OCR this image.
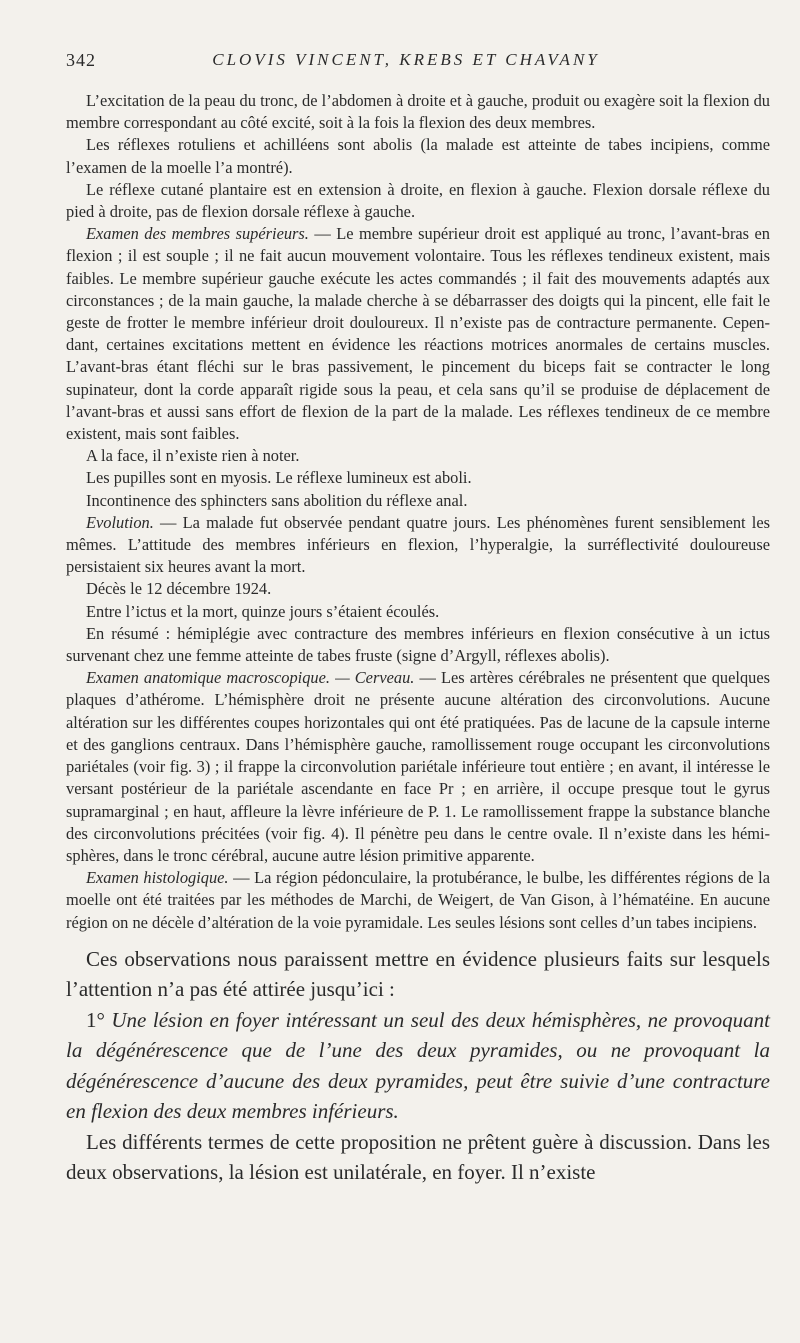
342	CLOVIS VINCENT, KREBS ET CHAVANY

L’excitation de la peau du tronc, de l’abdomen à droite et à gauche, produit ou exagère soit la flexion du membre correspondant au côté excité, soit à la fois la flexion des deux membres.

Les réflexes rotuliens et achilléens sont abolis (la malade est atteinte de tabes incipiens, comme l’examen de la moelle l’a montré).

Le réflexe cutané plantaire est en extension à droite, en flexion à gauche. Flexion dorsale réflexe du pied à droite, pas de flexion dorsale réflexe à gauche.

Examen des membres supérieurs. — Le membre supérieur droit est appliqué au tronc, l’avant-bras en flexion ; il est souple ; il ne fait aucun mouvement volontaire. Tous les réflexes tendineux existent, mais faibles. Le membre supérieur gauche exécute les actes commandés ; il fait des mouvements adaptés aux circonstances ; de la main gauche, la malade cherche à se débarrasser des doigts qui la pincent, elle fait le geste de frotter le membre inférieur droit douloureux. Il n’existe pas de contracture permanente. Cependant, certaines excitations mettent en évidence les réactions motrices anormales de certains muscles. L’avant-bras étant fléchi sur le bras passivement, le pincement du biceps fait se contracter le long supinateur, dont la corde apparaît rigide sous la peau, et cela sans qu’il se produise de déplacement de l’avant-bras et aussi sans effort de flexion de la part de la malade. Les réflexes tendineux de ce membre existent, mais sont faibles.

A la face, il n’existe rien à noter.

Les pupilles sont en myosis. Le réflexe lumineux est aboli.

Incontinence des sphincters sans abolition du réflexe anal.

Evolution. — La malade fut observée pendant quatre jours. Les phénomènes furent sensiblement les mêmes. L’attitude des membres inférieurs en flexion, l’hyperalgie, la surréflectivité douloureuse persistaient six heures avant la mort.

Décès le 12 décembre 1924.

Entre l’ictus et la mort, quinze jours s’étaient écoulés.

En résumé : hémiplégie avec contracture des membres inférieurs en flexion consécutive à un ictus survenant chez une femme atteinte de tabes fruste (signe d’Argyll, réflexes abolis).

Examen anatomique macroscopique. — Cerveau. — Les artères cérébrales ne présentent que quelques plaques d’athérome. L’hémisphère droit ne présente aucune altération des circonvolutions. Aucune altération sur les différentes coupes horizontales qui ont été pratiquées. Pas de lacune de la capsule interne et des ganglions centraux. Dans l’hémisphère gauche, ramollissement rouge occupant les circonvolutions pariétales (voir fig. 3) ; il frappe la circonvolution pariétale inférieure tout entière ; en avant, il intéresse le versant postérieur de la pariétale ascendante en face Pr ; en arrière, il occupe presque tout le gyrus supramarginal ; en haut, affleure la lèvre inférieure de P. 1. Le ramollissement frappe la substance blanche des circonvolutions précitées (voir fig. 4). Il pénètre peu dans le centre ovale. Il n’existe dans les hémisphères, dans le tronc cérébral, aucune autre lésion primitive apparente.

Examen histologique. — La région pédonculaire, la protubérance, le bulbe, les différentes régions de la moelle ont été traitées par les méthodes de Marchi, de Weigert, de Van Gison, à l’hématéine. En aucune région on ne décèle d’altération de la voie pyramidale. Les seules lésions sont celles d’un tabes incipiens.

Ces observations nous paraissent mettre en évidence plusieurs faits sur lesquels l’attention n’a pas été attirée jusqu’ici :

1° Une lésion en foyer intéressant un seul des deux hémisphères, ne provoquant la dégénérescence que de l’une des deux pyramides, ou ne provoquant la dégénérescence d’aucune des deux pyramides, peut être suivie d’une contracture en flexion des deux membres inférieurs.

Les différents termes de cette proposition ne prêtent guère à discussion. Dans les deux observations, la lésion est unilatérale, en foyer. Il n’existe
